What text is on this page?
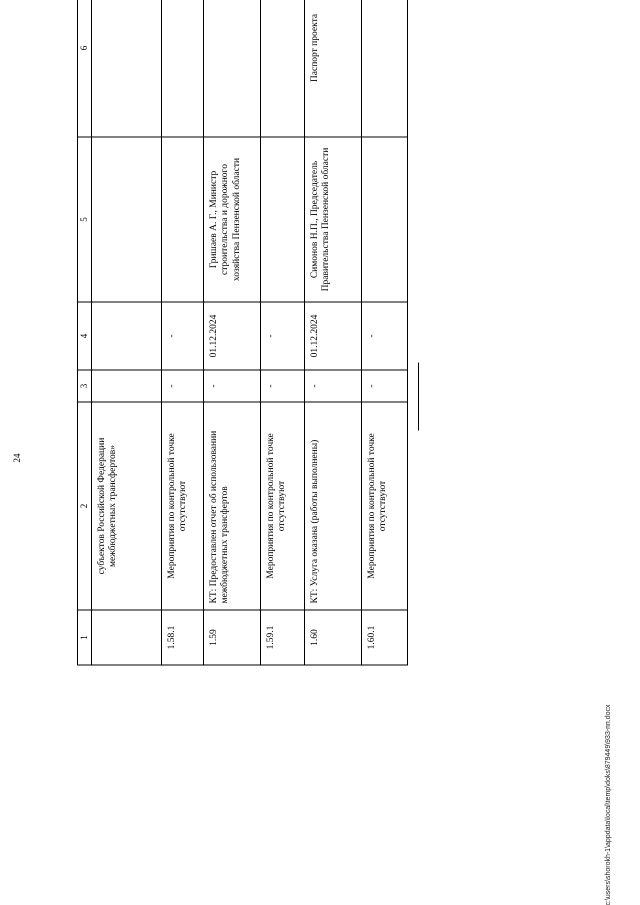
24
1	2	3	4	5	6	
	субъектов Российской Федерации межбюджетных трансфертов»					
1.58.1	Мероприятия по контрольной точке отсутствуют	-	-			
1.59	КТ: Предоставлен отчет об использовании межбюджетных трансфертов	-	01.12.2024	Гришаев А. Г., Министр строительства и дорожного хозяйства Пензенской области		
1.59.1	Мероприятия по контрольной точке отсутствуют	-	-			
1.60	КТ: Услуга оказана (работы выполнены)	-	01.12.2024	Симонов Н.П., Председатель Правительства Пензенской области	Паспорт проекта	
1.60.1	Мероприятия по контрольной точке отсутствуют	-	-			
c:\users\shorokh-1\appdata\local\temp\doks\879449\933-пп.docx
